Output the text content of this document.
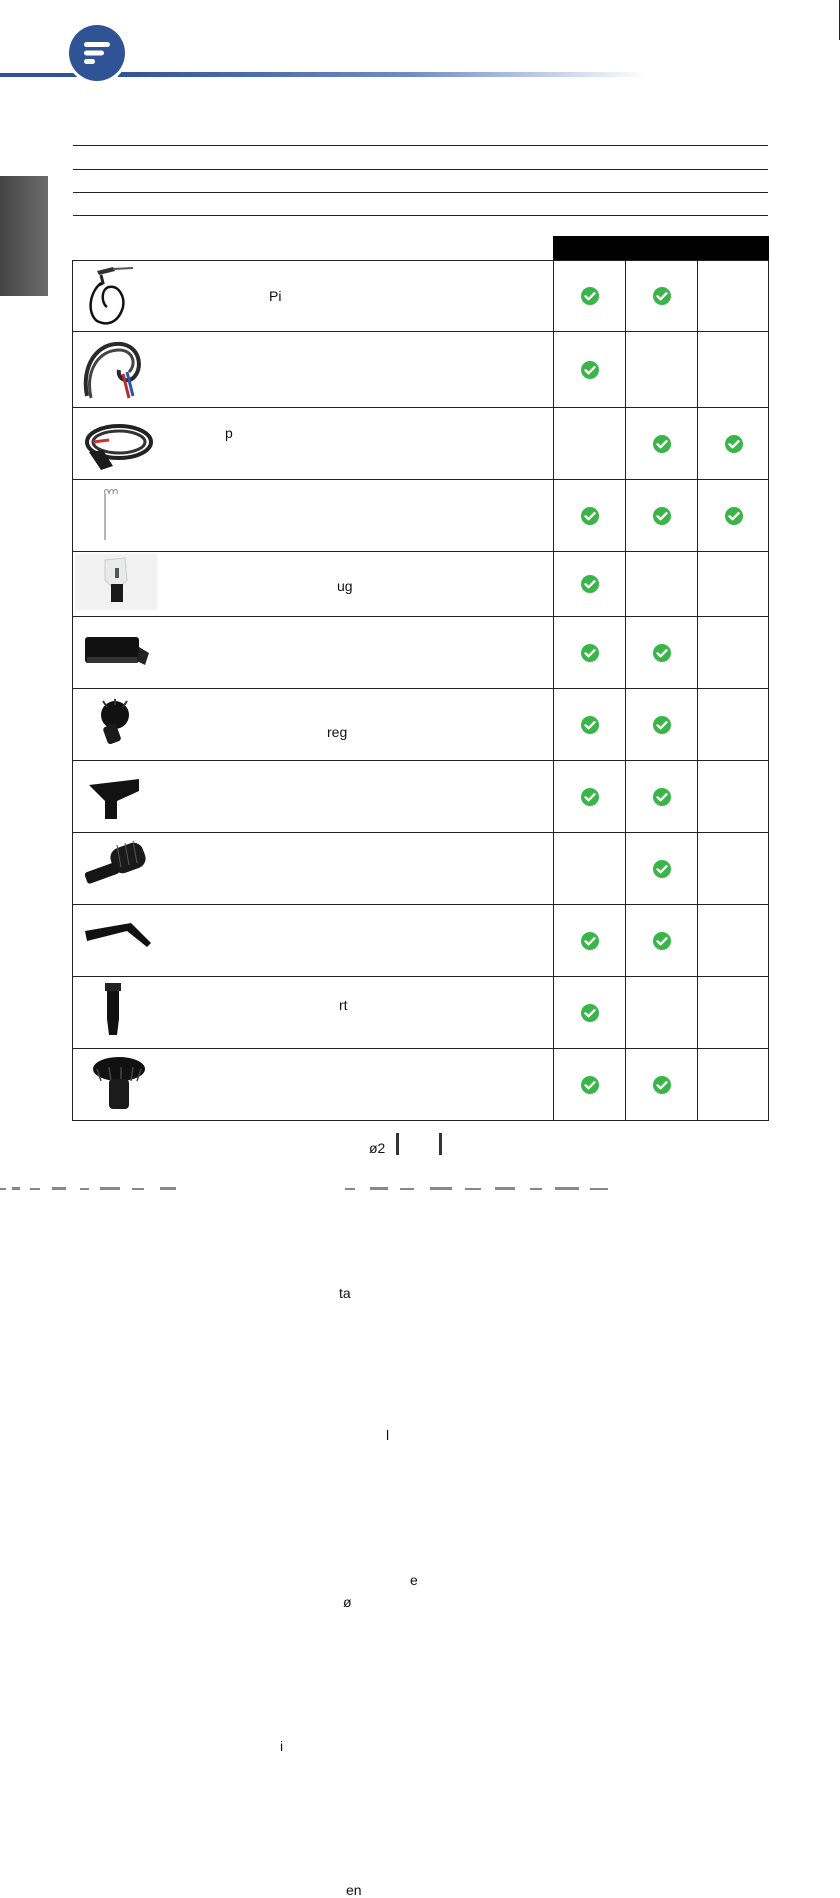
Pi
p
ug
reg
rt
ø2
ta
l
e
ø
i
en
